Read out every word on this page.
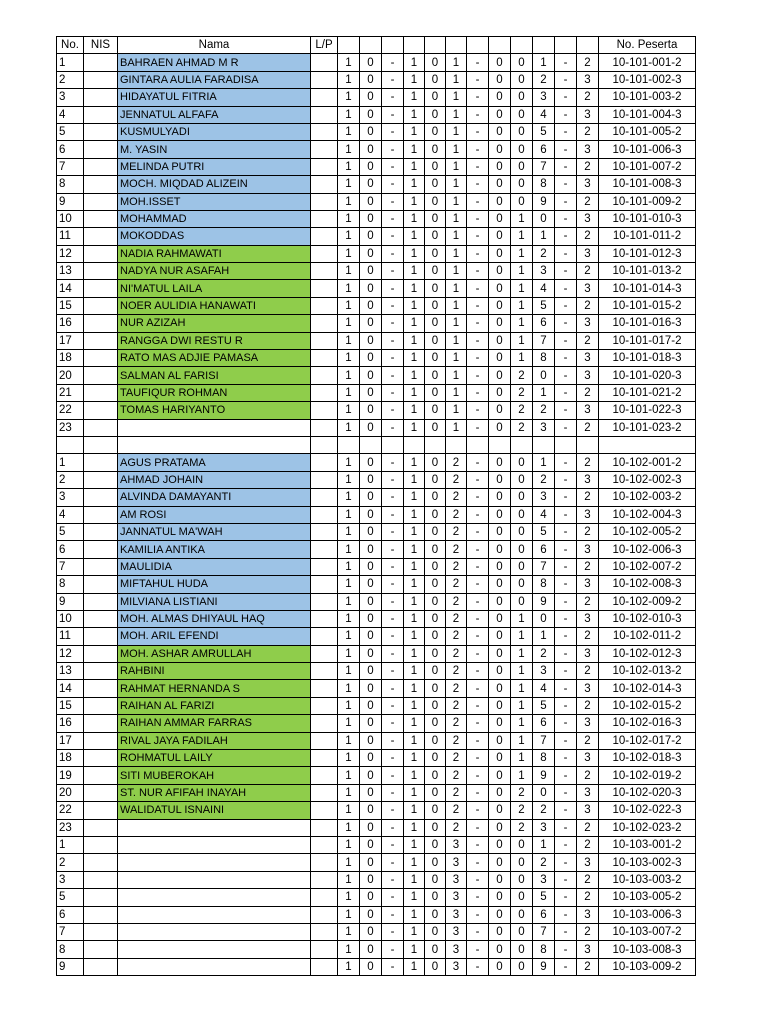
No.	NIS	Nama	L/P													No. Peserta
1		BAHRAEN AHMAD M R		1	0	-	1	0	1	-	0	0	1	-	2	10-101-001-2
2		GINTARA AULIA FARADISA		1	0	-	1	0	1	-	0	0	2	-	3	10-101-002-3
3		HIDAYATUL FITRIA		1	0	-	1	0	1	-	0	0	3	-	2	10-101-003-2
4		JENNATUL ALFAFA		1	0	-	1	0	1	-	0	0	4	-	3	10-101-004-3
5		KUSMULYADI		1	0	-	1	0	1	-	0	0	5	-	2	10-101-005-2
6		M. YASIN		1	0	-	1	0	1	-	0	0	6	-	3	10-101-006-3
7		MELINDA PUTRI		1	0	-	1	0	1	-	0	0	7	-	2	10-101-007-2
8		MOCH. MIQDAD ALIZEIN		1	0	-	1	0	1	-	0	0	8	-	3	10-101-008-3
9		MOH.ISSET		1	0	-	1	0	1	-	0	0	9	-	2	10-101-009-2
10		MOHAMMAD		1	0	-	1	0	1	-	0	1	0	-	3	10-101-010-3
11		MOKODDAS		1	0	-	1	0	1	-	0	1	1	-	2	10-101-011-2
12		NADIA RAHMAWATI		1	0	-	1	0	1	-	0	1	2	-	3	10-101-012-3
13		NADYA NUR ASAFAH		1	0	-	1	0	1	-	0	1	3	-	2	10-101-013-2
14		NI'MATUL LAILA		1	0	-	1	0	1	-	0	1	4	-	3	10-101-014-3
15		NOER AULIDIA HANAWATI		1	0	-	1	0	1	-	0	1	5	-	2	10-101-015-2
16		NUR AZIZAH		1	0	-	1	0	1	-	0	1	6	-	3	10-101-016-3
17		RANGGA DWI RESTU R		1	0	-	1	0	1	-	0	1	7	-	2	10-101-017-2
18		RATO MAS ADJIE PAMASA		1	0	-	1	0	1	-	0	1	8	-	3	10-101-018-3
20		SALMAN AL FARISI		1	0	-	1	0	1	-	0	2	0	-	3	10-101-020-3
21		TAUFIQUR ROHMAN		1	0	-	1	0	1	-	0	2	1	-	2	10-101-021-2
22		TOMAS HARIYANTO		1	0	-	1	0	1	-	0	2	2	-	3	10-101-022-3
23				1	0	-	1	0	1	-	0	2	3	-	2	10-101-023-2

1		AGUS PRATAMA		1	0	-	1	0	2	-	0	0	1	-	2	10-102-001-2
2		AHMAD JOHAIN		1	0	-	1	0	2	-	0	0	2	-	3	10-102-002-3
3		ALVINDA DAMAYANTI		1	0	-	1	0	2	-	0	0	3	-	2	10-102-003-2
4		AM ROSI		1	0	-	1	0	2	-	0	0	4	-	3	10-102-004-3
5		JANNATUL MA'WAH		1	0	-	1	0	2	-	0	0	5	-	2	10-102-005-2
6		KAMILIA ANTIKA		1	0	-	1	0	2	-	0	0	6	-	3	10-102-006-3
7		MAULIDIA		1	0	-	1	0	2	-	0	0	7	-	2	10-102-007-2
8		MIFTAHUL HUDA		1	0	-	1	0	2	-	0	0	8	-	3	10-102-008-3
9		MILVIANA LISTIANI		1	0	-	1	0	2	-	0	0	9	-	2	10-102-009-2
10		MOH. ALMAS DHIYAUL HAQ		1	0	-	1	0	2	-	0	1	0	-	3	10-102-010-3
11		MOH. ARIL EFENDI		1	0	-	1	0	2	-	0	1	1	-	2	10-102-011-2
12		MOH. ASHAR AMRULLAH		1	0	-	1	0	2	-	0	1	2	-	3	10-102-012-3
13		RAHBINI		1	0	-	1	0	2	-	0	1	3	-	2	10-102-013-2
14		RAHMAT HERNANDA S		1	0	-	1	0	2	-	0	1	4	-	3	10-102-014-3
15		RAIHAN AL FARIZI		1	0	-	1	0	2	-	0	1	5	-	2	10-102-015-2
16		RAIHAN AMMAR FARRAS		1	0	-	1	0	2	-	0	1	6	-	3	10-102-016-3
17		RIVAL JAYA FADILAH		1	0	-	1	0	2	-	0	1	7	-	2	10-102-017-2
18		ROHMATUL LAILY		1	0	-	1	0	2	-	0	1	8	-	3	10-102-018-3
19		SITI MUBEROKAH		1	0	-	1	0	2	-	0	1	9	-	2	10-102-019-2
20		ST. NUR AFIFAH INAYAH		1	0	-	1	0	2	-	0	2	0	-	3	10-102-020-3
22		WALIDATUL ISNAINI		1	0	-	1	0	2	-	0	2	2	-	3	10-102-022-3
23				1	0	-	1	0	2	-	0	2	3	-	2	10-102-023-2
1				1	0	-	1	0	3	-	0	0	1	-	2	10-103-001-2
2				1	0	-	1	0	3	-	0	0	2	-	3	10-103-002-3
3				1	0	-	1	0	3	-	0	0	3	-	2	10-103-003-2
5				1	0	-	1	0	3	-	0	0	5	-	2	10-103-005-2
6				1	0	-	1	0	3	-	0	0	6	-	3	10-103-006-3
7				1	0	-	1	0	3	-	0	0	7	-	2	10-103-007-2
8				1	0	-	1	0	3	-	0	0	8	-	3	10-103-008-3
9				1	0	-	1	0	3	-	0	0	9	-	2	10-103-009-2
